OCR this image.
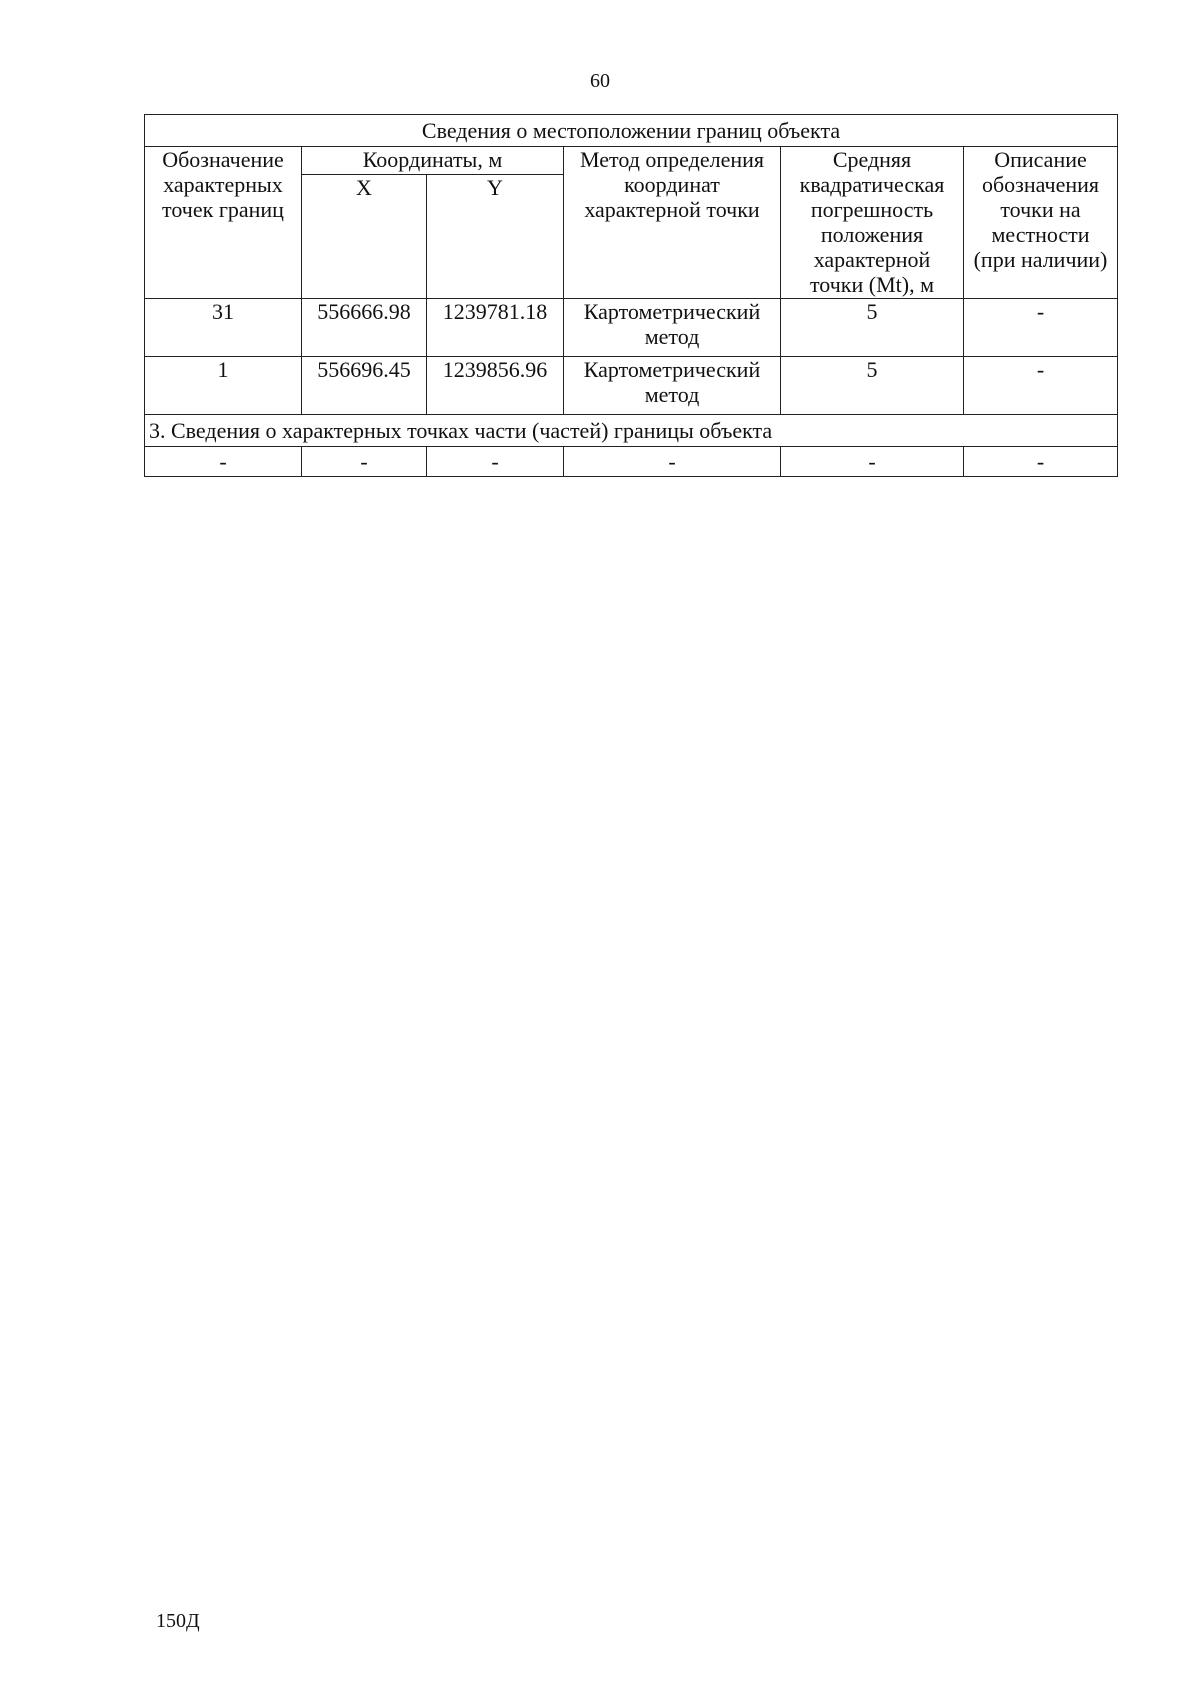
60
Сведения о местоположении границ объекта					
Обозначение характерных точек границ	Координаты, м		Метод определения координат характерной точки	Средняя квадратическая погрешность положения характерной точки (Mt), м	Описание обозначения точки на местности (при наличии)
	X	Y			
31	556666.98	1239781.18	Картометрический метод	5	-
1	556696.45	1239856.96	Картометрический метод	5	-
3. Сведения о характерных точках части (частей) границы объекта					
-	-	-	-	-	-
150Д
